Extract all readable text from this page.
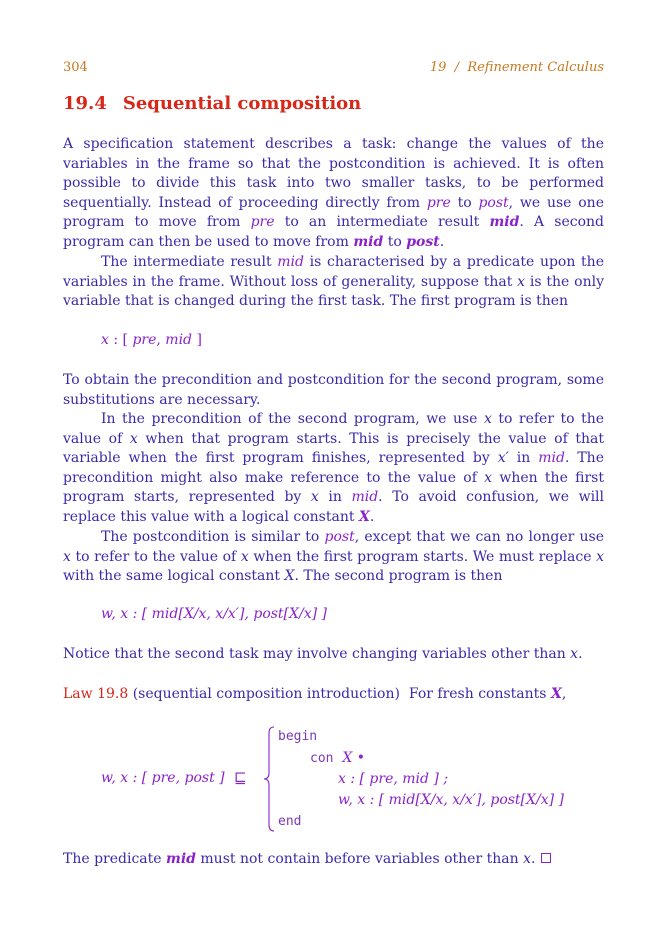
304	19 / Refinement Calculus
19.4 Sequential composition
A specification statement describes a task: change the values of the variables in the frame so that the postcondition is achieved. It is often possible to divide this task into two smaller tasks, to be performed sequentially. Instead of proceeding directly from pre to post, we use one program to move from pre to an intermediate result mid. A second program can then be used to move from mid to post.
The intermediate result mid is characterised by a predicate upon the variables in the frame. Without loss of generality, suppose that x is the only variable that is changed during the first task. The first program is then
x : [ pre, mid ]
To obtain the precondition and postcondition for the second program, some substitutions are necessary.
In the precondition of the second program, we use x to refer to the value of x when that program starts. This is precisely the value of that variable when the first program finishes, represented by x′ in mid. The precondition might also make reference to the value of x when the first program starts, represented by x in mid. To avoid confusion, we will replace this value with a logical constant X.
The postcondition is similar to post, except that we can no longer use x to refer to the value of x when the first program starts. We must replace x with the same logical constant X. The second program is then
w, x : [ mid[X/x, x/x′], post[X/x] ]
Notice that the second task may involve changing variables other than x.
Law 19.8 (sequential composition introduction) For fresh constants X,
w, x : [ pre, post ] ⊑
begin
con X •
x : [ pre, mid ] ;
w, x : [ mid[X/x, x/x′], post[X/x] ]
end
The predicate mid must not contain before variables other than x.
